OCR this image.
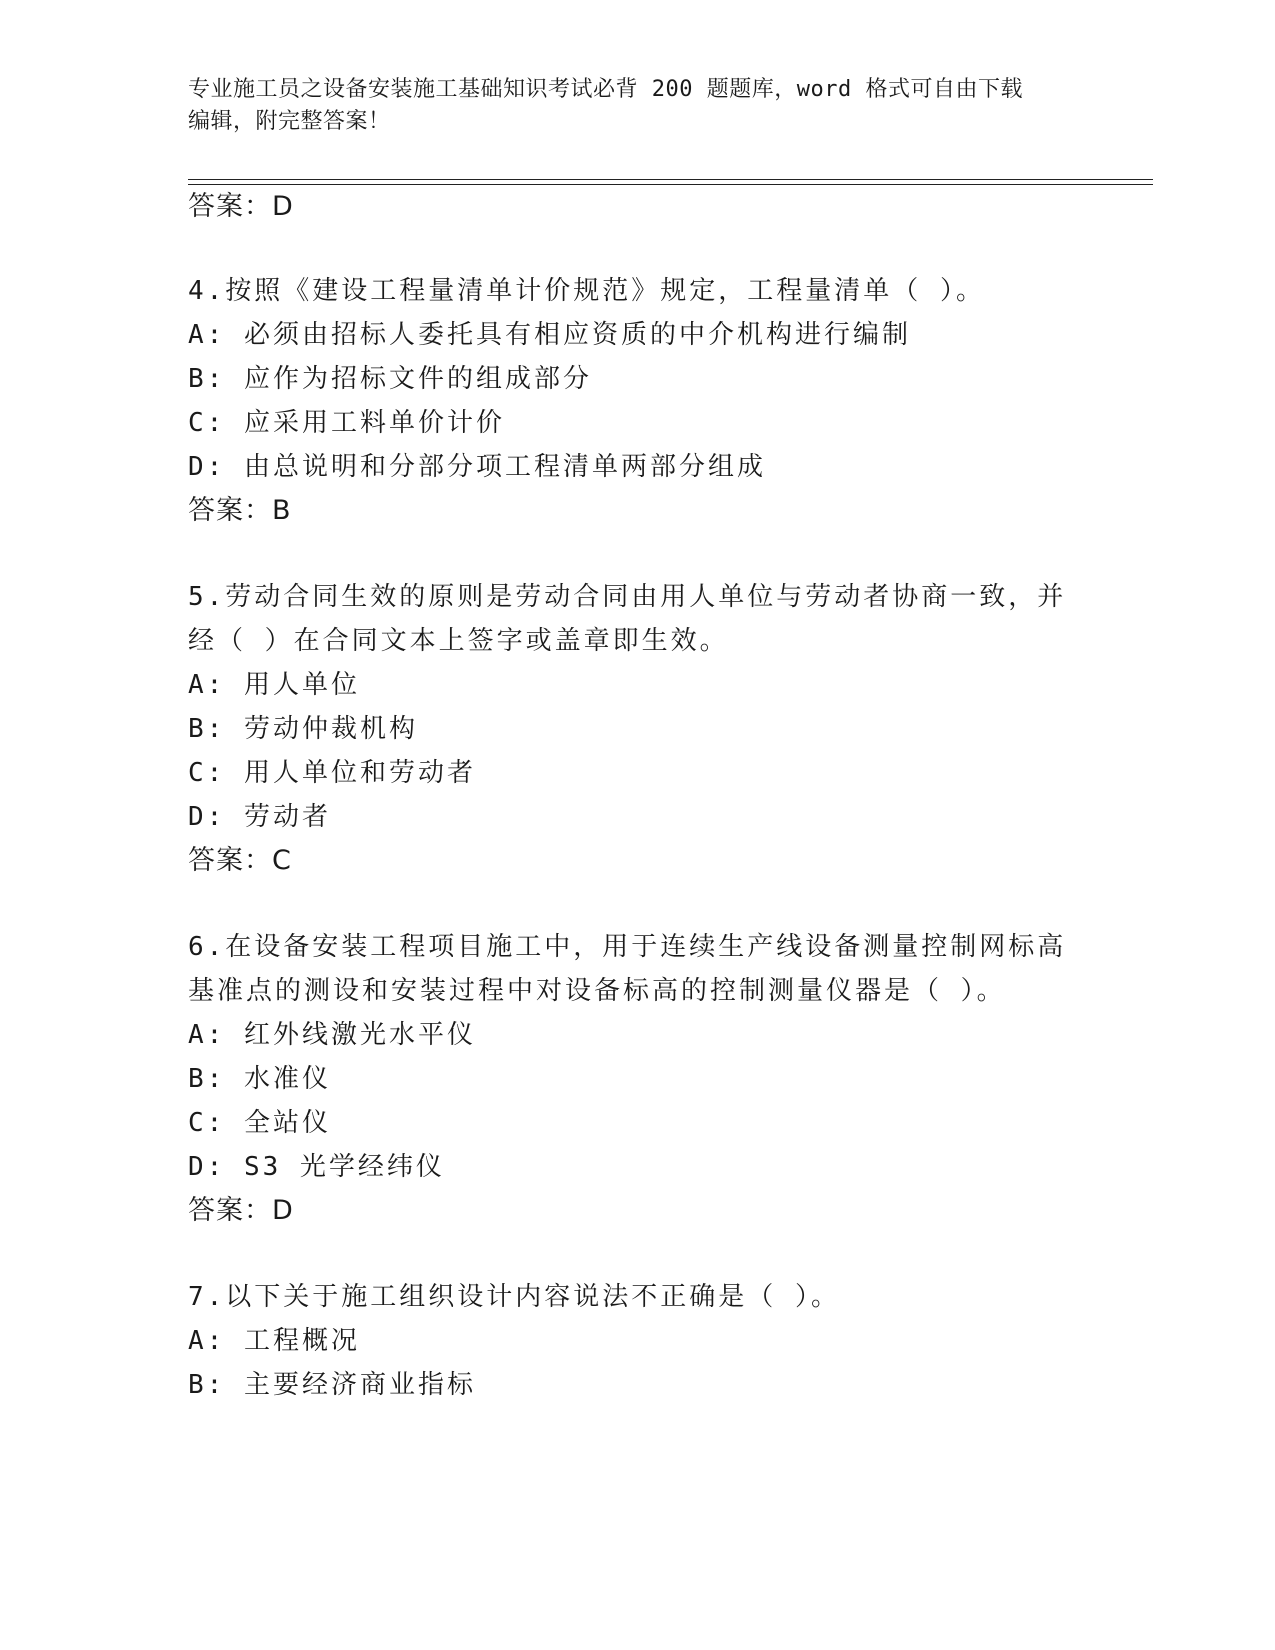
专业施工员之设备安装施工基础知识考试必背 200 题题库，word 格式可自由下载
编辑，附完整答案！
答案：D
4.按照《建设工程量清单计价规范》规定，工程量清单（ ）。
A: 必须由招标人委托具有相应资质的中介机构进行编制
B: 应作为招标文件的组成部分
C: 应采用工料单价计价
D: 由总说明和分部分项工程清单两部分组成
答案：B
5.劳动合同生效的原则是劳动合同由用人单位与劳动者协商一致，并
经（ ）在合同文本上签字或盖章即生效。
A: 用人单位
B: 劳动仲裁机构
C: 用人单位和劳动者
D: 劳动者
答案：C
6.在设备安装工程项目施工中，用于连续生产线设备测量控制网标高
基准点的测设和安装过程中对设备标高的控制测量仪器是（ ）。
A: 红外线激光水平仪
B: 水准仪
C: 全站仪
D: S3 光学经纬仪
答案：D
7.以下关于施工组织设计内容说法不正确是（ ）。
A: 工程概况
B: 主要经济商业指标
